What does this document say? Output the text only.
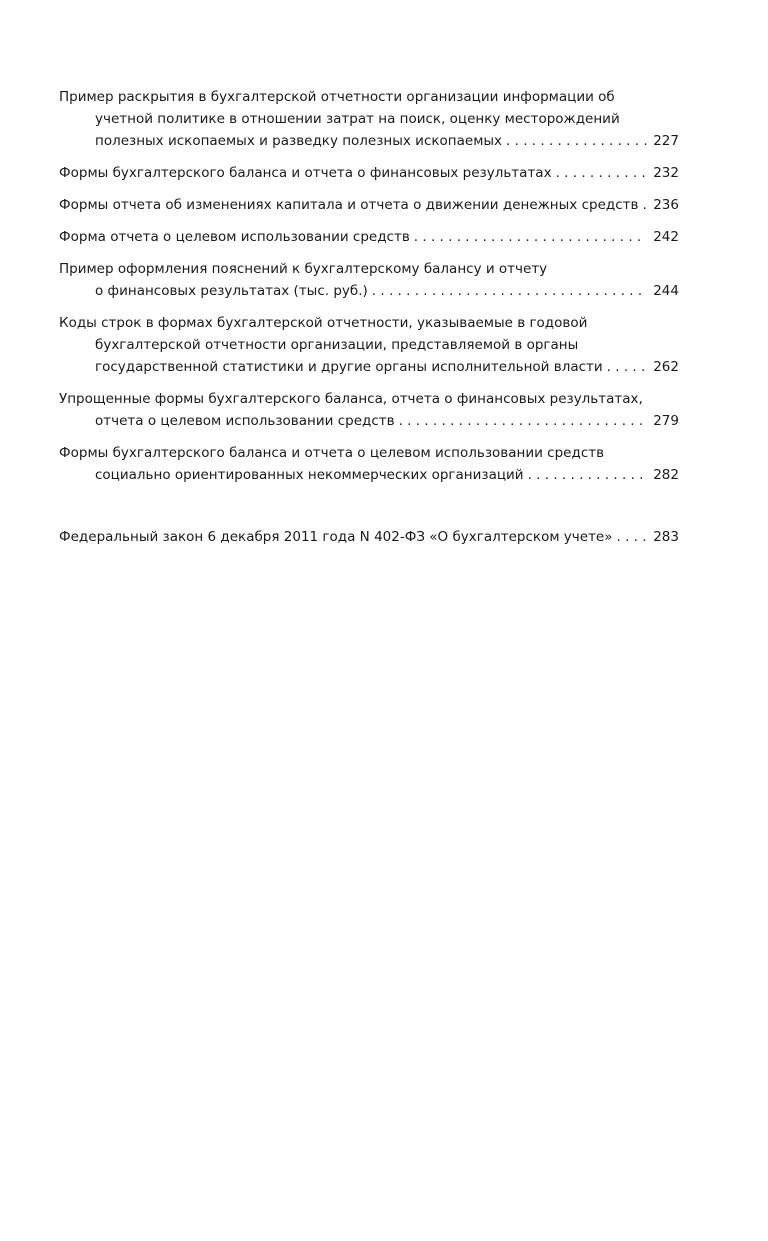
Пример раскрытия в бухгалтерской отчетности организации информации об
учетной политике в отношении затрат на поиск, оценку месторождений
полезных ископаемых и разведку полезных ископаемых . . .	227
Формы бухгалтерского баланса и отчета о финансовых результатах . . .	232
Формы отчета об изменениях капитала и отчета о движении денежных средств . . .	236
Форма отчета о целевом использовании средств . . .	242
Пример оформления пояснений к бухгалтерскому балансу и отчету
о финансовых результатах (тыс. руб.) . . .	244
Коды строк в формах бухгалтерской отчетности, указываемые в годовой
бухгалтерской отчетности организации, представляемой в органы
государственной статистики и другие органы исполнительной власти . . .	262
Упрощенные формы бухгалтерского баланса, отчета о финансовых результатах,
отчета о целевом использовании средств . . .	279
Формы бухгалтерского баланса и отчета о целевом использовании средств
социально ориентированных некоммерческих организаций . . .	282
Федеральный закон 6 декабря 2011 года N 402-ФЗ «О бухгалтерском учете» . . .	283
